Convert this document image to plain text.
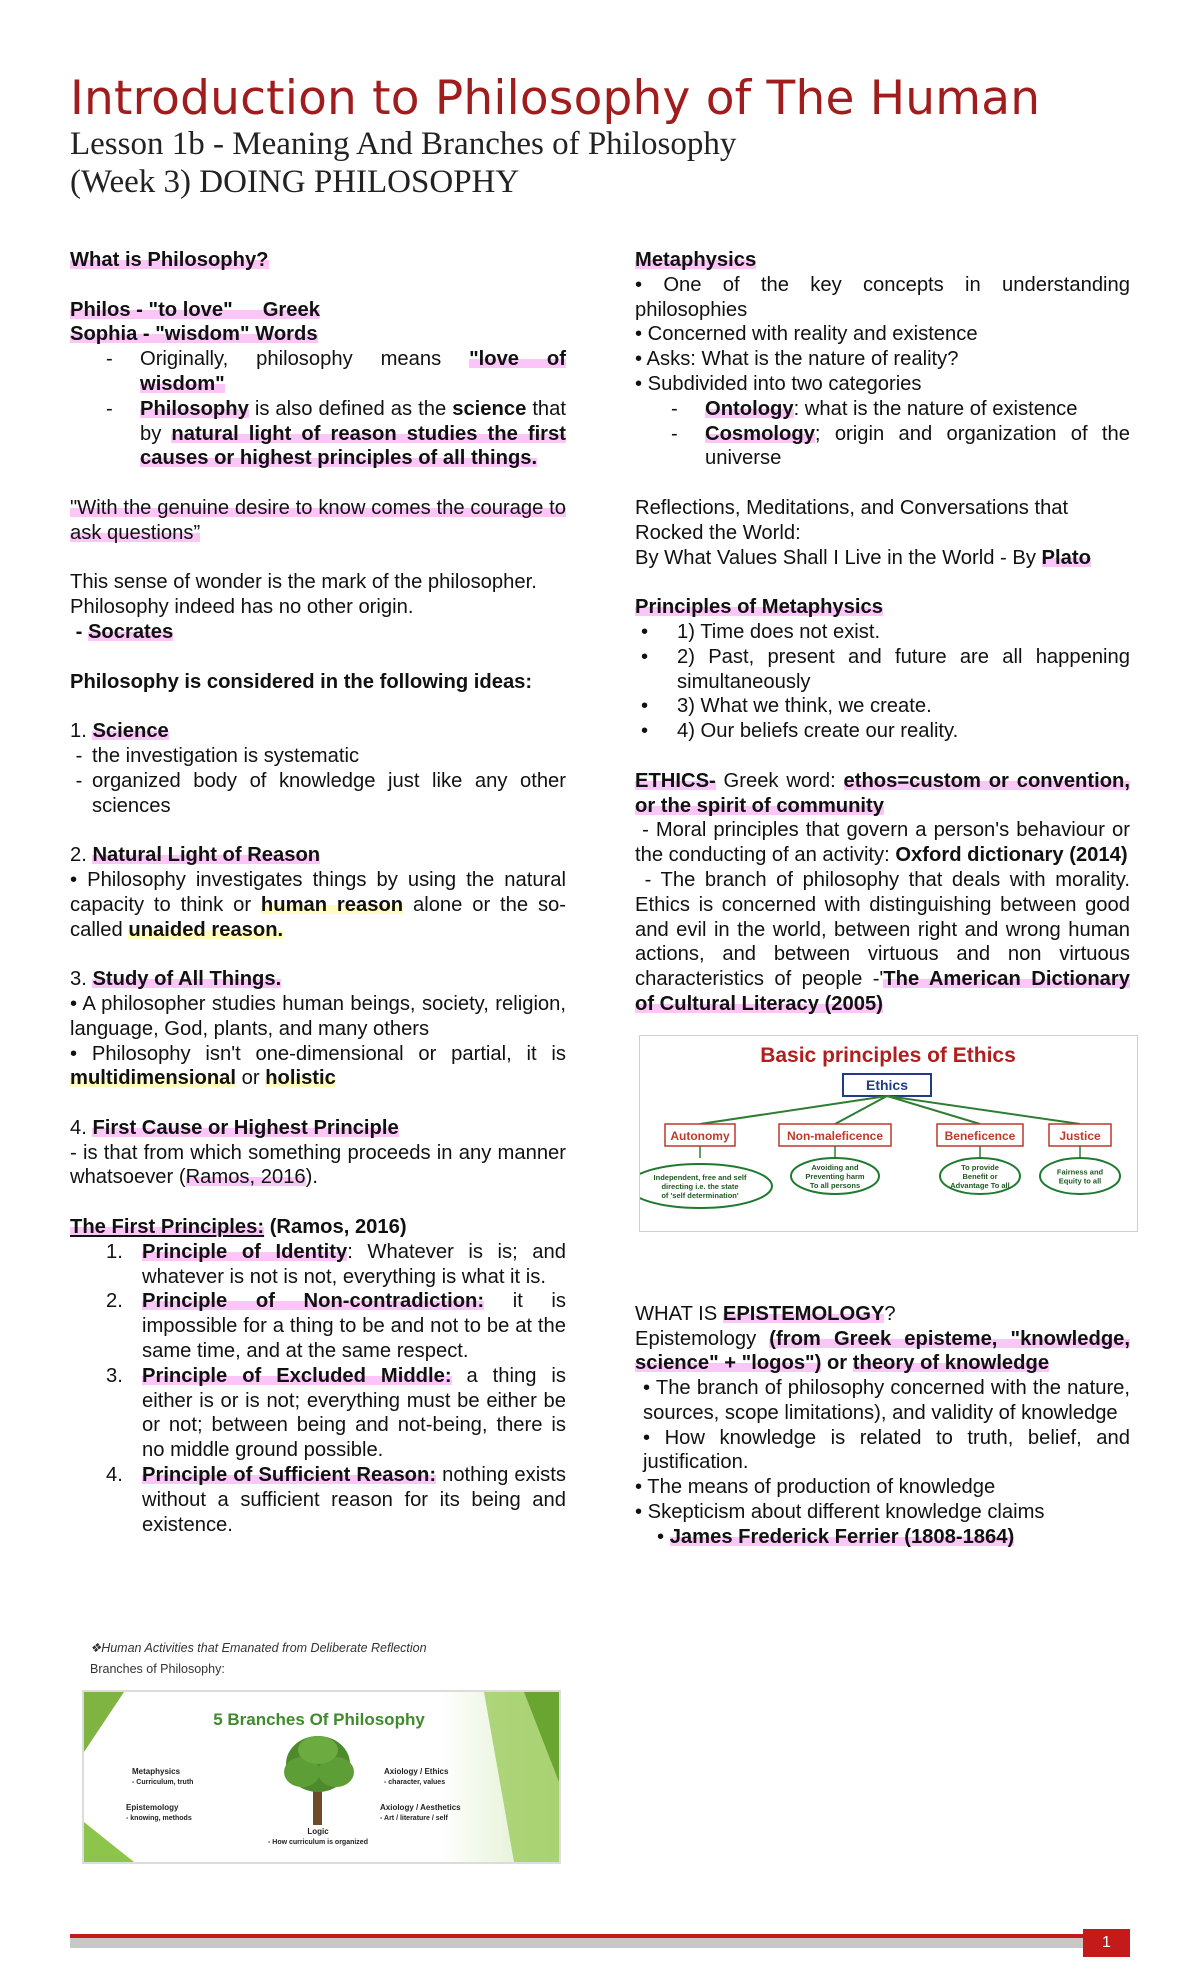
Introduction to Philosophy of The Human

Lesson 1b - Meaning And Branches of Philosophy

(Week 3) DOING PHILOSOPHY

What is Philosophy?

Philos - "to love" Greek

Sophia - "wisdom" Words

-	Originally, philosophy means "love of wisdom"

-	Philosophy is also defined as the science that by natural light of reason studies the first causes or highest principles of all things.

"With the genuine desire to know comes the courage to ask questions”

This sense of wonder is the mark of the philosopher.

Philosophy indeed has no other origin.

- Socrates

Philosophy is considered in the following ideas:

1. Science

- the investigation is systematic

- organized body of knowledge just like any other sciences

2. Natural Light of Reason

• Philosophy investigates things by using the natural capacity to think or human reason alone or the so-called unaided reason.

3. Study of All Things.

• A philosopher studies human beings, society, religion, language, God, plants, and many others

• Philosophy isn't one-dimensional or partial, it is multidimensional or holistic

4. First Cause or Highest Principle

- is that from which something proceeds in any manner whatsoever (Ramos, 2016).

The First Principles: (Ramos, 2016)

1. Principle of Identity: Whatever is is; and whatever is not is not, everything is what it is.

2. Principle of Non-contradiction: it is impossible for a thing to be and not to be at the same time, and at the same respect.

3. Principle of Excluded Middle: a thing is either is or is not; everything must be either be or not; between being and not-being, there is no middle ground possible.

4. Principle of Sufficient Reason: nothing exists without a sufficient reason for its being and existence.

Metaphysics

• One of the key concepts in understanding philosophies

• Concerned with reality and existence

• Asks: What is the nature of reality?

• Subdivided into two categories

-	Ontology: what is the nature of existence

-	Cosmology; origin and organization of the universe

Reflections, Meditations, and Conversations that Rocked the World:

By What Values Shall I Live in the World - By Plato

Principles of Metaphysics

•	1) Time does not exist.

•	2) Past, present and future are all happening simultaneously

•	3) What we think, we create.

•	4) Our beliefs create our reality.

ETHICS- Greek word: ethos=custom or convention, or the spirit of community

- Moral principles that govern a person's behaviour or the conducting of an activity: Oxford dictionary (2014)

- The branch of philosophy that deals with morality. Ethics is concerned with distinguishing between good and evil in the world, between right and wrong human actions, and between virtuous and non virtuous characteristics of people -'The American Dictionary of Cultural Literacy (2005)

Basic principles of Ethics
Ethics
Autonomy
Independent, free and self directing i.e. the state of 'self determination'
Non-maleficence
Avoiding and Preventing harm To all persons
Beneficence
To provide Benefit or Advantage To all
Justice
Fairness and Equity to all

WHAT IS EPISTEMOLOGY?

Epistemology (from Greek episteme, "knowledge, science" + "logos") or theory of knowledge

• The branch of philosophy concerned with the nature, sources, scope limitations), and validity of knowledge

• How knowledge is related to truth, belief, and justification.

• The means of production of knowledge

• Skepticism about different knowledge claims

• James Frederick Ferrier (1808-1864)

❖Human Activities that Emanated from Deliberate Reflection
Branches of Philosophy:
5 Branches Of Philosophy
Metaphysics
- Curriculum, truth
Epistemology
- knowing, methods
Logic
- How curriculum is organized
Axiology / Ethics
- character, values
Axiology / Aesthetics
- Art / literature / self
1
